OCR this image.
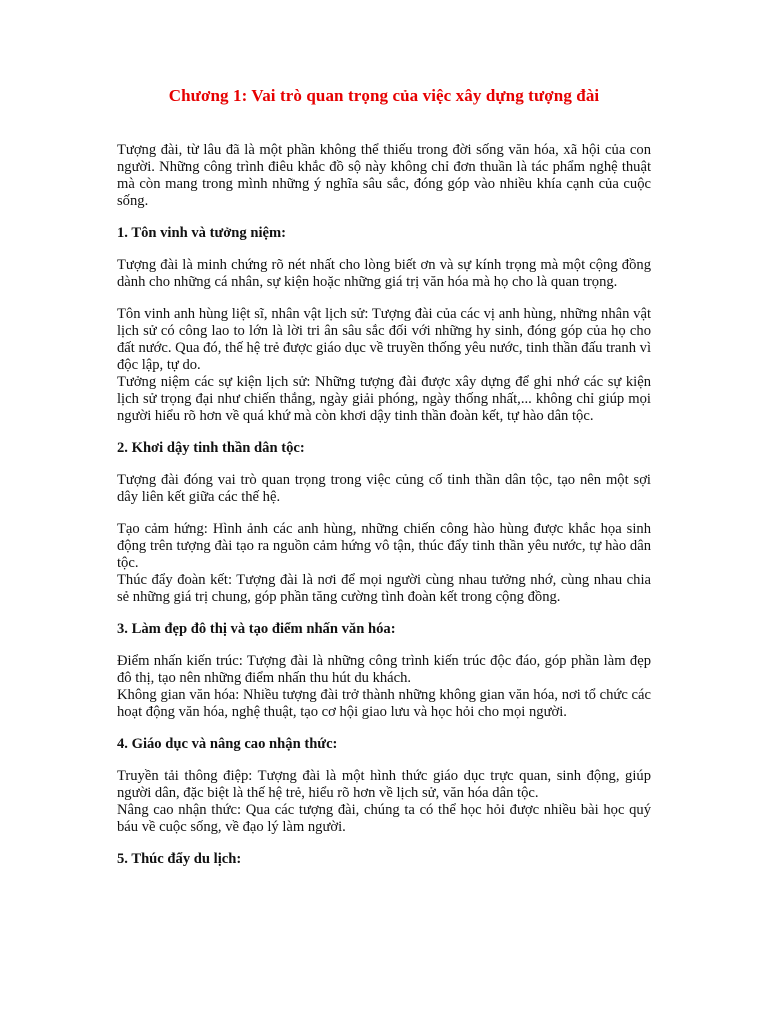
Chương 1: Vai trò quan trọng của việc xây dựng tượng đài

Tượng đài, từ lâu đã là một phần không thể thiếu trong đời sống văn hóa, xã hội của con người. Những công trình điêu khắc đồ sộ này không chỉ đơn thuần là tác phẩm nghệ thuật mà còn mang trong mình những ý nghĩa sâu sắc, đóng góp vào nhiều khía cạnh của cuộc sống.

1. Tôn vinh và tưởng niệm:

Tượng đài là minh chứng rõ nét nhất cho lòng biết ơn và sự kính trọng mà một cộng đồng dành cho những cá nhân, sự kiện hoặc những giá trị văn hóa mà họ cho là quan trọng.

Tôn vinh anh hùng liệt sĩ, nhân vật lịch sử: Tượng đài của các vị anh hùng, những nhân vật lịch sử có công lao to lớn là lời tri ân sâu sắc đối với những hy sinh, đóng góp của họ cho đất nước. Qua đó, thế hệ trẻ được giáo dục về truyền thống yêu nước, tinh thần đấu tranh vì độc lập, tự do.

Tưởng niệm các sự kiện lịch sử: Những tượng đài được xây dựng để ghi nhớ các sự kiện lịch sử trọng đại như chiến thắng, ngày giải phóng, ngày thống nhất,... không chỉ giúp mọi người hiểu rõ hơn về quá khứ mà còn khơi dậy tinh thần đoàn kết, tự hào dân tộc.

2. Khơi dậy tinh thần dân tộc:

Tượng đài đóng vai trò quan trọng trong việc củng cố tinh thần dân tộc, tạo nên một sợi dây liên kết giữa các thế hệ.

Tạo cảm hứng: Hình ảnh các anh hùng, những chiến công hào hùng được khắc họa sinh động trên tượng đài tạo ra nguồn cảm hứng vô tận, thúc đẩy tinh thần yêu nước, tự hào dân tộc.

Thúc đẩy đoàn kết: Tượng đài là nơi để mọi người cùng nhau tưởng nhớ, cùng nhau chia sẻ những giá trị chung, góp phần tăng cường tình đoàn kết trong cộng đồng.

3. Làm đẹp đô thị và tạo điểm nhấn văn hóa:

Điểm nhấn kiến trúc: Tượng đài là những công trình kiến trúc độc đáo, góp phần làm đẹp đô thị, tạo nên những điểm nhấn thu hút du khách.

Không gian văn hóa: Nhiều tượng đài trở thành những không gian văn hóa, nơi tổ chức các hoạt động văn hóa, nghệ thuật, tạo cơ hội giao lưu và học hỏi cho mọi người.

4. Giáo dục và nâng cao nhận thức:

Truyền tải thông điệp: Tượng đài là một hình thức giáo dục trực quan, sinh động, giúp người dân, đặc biệt là thế hệ trẻ, hiểu rõ hơn về lịch sử, văn hóa dân tộc.

Nâng cao nhận thức: Qua các tượng đài, chúng ta có thể học hỏi được nhiều bài học quý báu về cuộc sống, về đạo lý làm người.

5. Thúc đẩy du lịch:
